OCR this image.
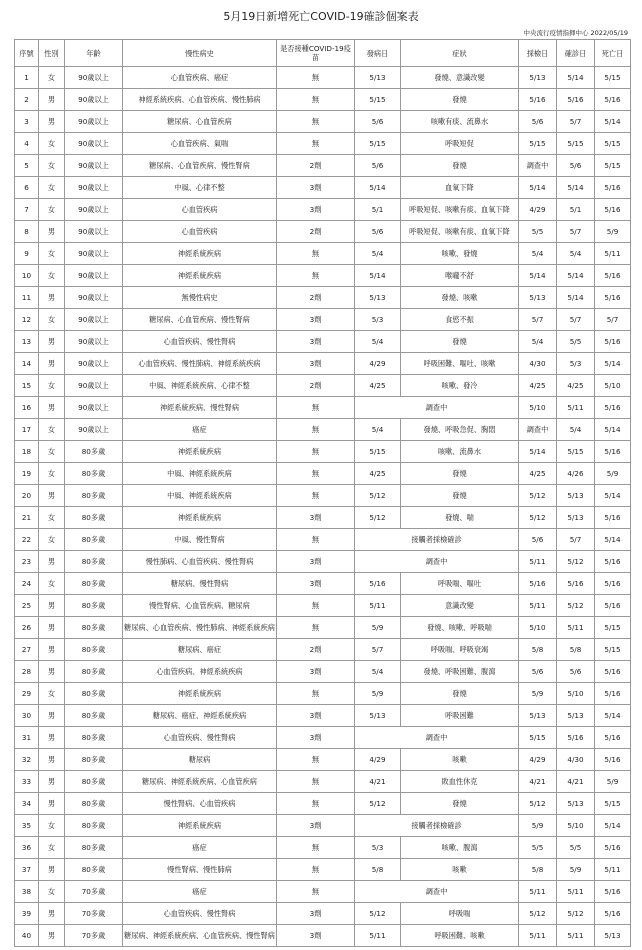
5月19日新增死亡COVID-19確診個案表
中央流行疫情指揮中心 2022/05/19
序號	性別	年齡	慢性病史	是否接種COVID-19疫苗	發病日	症狀	採檢日	確診日	死亡日
1	女	90歲以上	心血管疾病、癌症	無	5/13	發燒、意識改變	5/13	5/14	5/15
2	男	90歲以上	神經系統疾病、心血管疾病、慢性肺病	無	5/15	發燒	5/16	5/16	5/16
3	男	90歲以上	糖尿病、心血管疾病	無	5/6	咳嗽有痰、流鼻水	5/6	5/7	5/14
4	女	90歲以上	心血管疾病、氣喘	無	5/15	呼吸短促	5/15	5/15	5/15
5	女	90歲以上	糖尿病、心血管疾病、慢性腎病	2劑	5/6	發燒	調查中	5/6	5/15
6	女	90歲以上	中風、心律不整	3劑	5/14	血氧下降	5/14	5/14	5/16
7	女	90歲以上	心血管疾病	3劑	5/1	呼吸短促、咳嗽有痰、血氧下降	4/29	5/1	5/16
8	男	90歲以上	心血管疾病	2劑	5/6	呼吸短促、咳嗽有痰、血氧下降	5/5	5/7	5/9
9	女	90歲以上	神經系統疾病	無	5/4	咳嗽、發燒	5/4	5/4	5/11
10	女	90歲以上	神經系統疾病	無	5/14	喉嚨不舒	5/14	5/14	5/16
11	男	90歲以上	無慢性病史	2劑	5/13	發燒、咳嗽	5/13	5/14	5/16
12	女	90歲以上	糖尿病、心血管疾病、慢性腎病	3劑	5/3	食慾不振	5/7	5/7	5/7
13	男	90歲以上	心血管疾病、慢性腎病	3劑	5/4	發燒	5/4	5/5	5/16
14	男	90歲以上	心血管疾病、慢性肺病、神經系統疾病	3劑	4/29	呼吸困難、嘔吐、咳嗽	4/30	5/3	5/14
15	女	90歲以上	中風、神經系統疾病、心律不整	2劑	4/25	咳嗽、發冷	4/25	4/25	5/10
16	男	90歲以上	神經系統疾病、慢性腎病	無	調查中		5/10	5/11	5/16
17	女	90歲以上	癌症	無	5/4	發燒、呼吸急促、胸悶	調查中	5/4	5/14
18	女	80多歲	神經系統疾病	無	5/15	咳嗽、流鼻水	5/14	5/15	5/16
19	女	80多歲	中風、神經系統疾病	無	4/25	發燒	4/25	4/26	5/9
20	男	80多歲	中風、神經系統疾病	無	5/12	發燒	5/12	5/13	5/14
21	女	80多歲	神經系統疾病	3劑	5/12	發燒、喘	5/12	5/13	5/16
22	女	80多歲	中風、慢性腎病	無	接觸者採檢確診		5/6	5/7	5/14
23	男	80多歲	慢性肺病、心血管疾病、慢性腎病	3劑	調查中		5/11	5/12	5/16
24	女	80多歲	糖尿病、慢性腎病	3劑	5/16	呼吸喘、嘔吐	5/16	5/16	5/16
25	男	80多歲	慢性腎病、心血管疾病、糖尿病	無	5/11	意識改變	5/11	5/12	5/16
26	男	80多歲	糖尿病、心血管疾病、慢性肺病、神經系統疾病	無	5/9	發燒、咳嗽、呼吸喘	5/10	5/11	5/15
27	男	80多歲	糖尿病、癌症	2劑	5/7	呼吸喘、呼吸衰竭	5/8	5/8	5/15
28	男	80多歲	心血管疾病、神經系統疾病	3劑	5/4	發燒、呼吸困難、腹瀉	5/6	5/6	5/16
29	女	80多歲	神經系統疾病	無	5/9	發燒	5/9	5/10	5/16
30	男	80多歲	糖尿病、癌症、神經系統疾病	3劑	5/13	呼吸困難	5/13	5/13	5/14
31	男	80多歲	心血管疾病、慢性腎病	3劑	調查中		5/15	5/16	5/16
32	男	80多歲	糖尿病	無	4/29	咳嗽	4/29	4/30	5/16
33	男	80多歲	糖尿病、神經系統疾病、心血管疾病	無	4/21	敗血性休克	4/21	4/21	5/9
34	男	80多歲	慢性腎病、心血管疾病	無	5/12	發燒	5/12	5/13	5/15
35	女	80多歲	神經系統疾病	3劑	接觸者採檢確診		5/9	5/10	5/14
36	女	80多歲	癌症	無	5/3	咳嗽、腹瀉	5/5	5/5	5/16
37	男	80多歲	慢性腎病、慢性肺病	無	5/8	咳嗽	5/8	5/9	5/11
38	女	70多歲	癌症	無	調查中		5/11	5/11	5/16
39	男	70多歲	心血管疾病、慢性腎病	3劑	5/12	呼吸喘	5/12	5/12	5/16
40	男	70多歲	糖尿病、神經系統疾病、心血管疾病、慢性腎病	3劑	5/11	呼吸困難、咳嗽	5/11	5/11	5/13
